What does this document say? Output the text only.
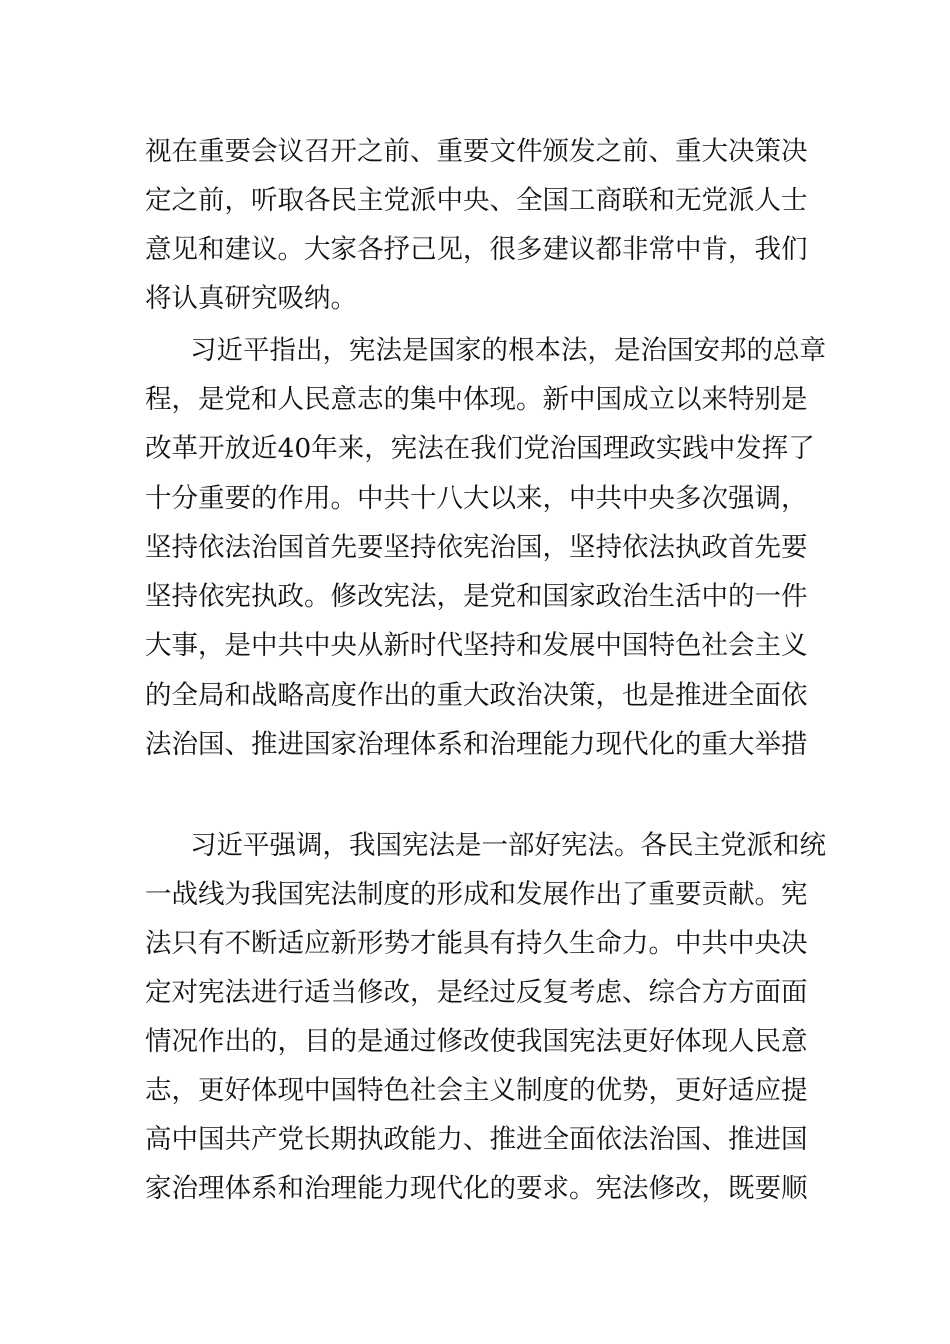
视在重要会议召开之前、重要文件颁发之前、重大决策决
定之前，听取各民主党派中央、全国工商联和无党派人士
意见和建议。大家各抒己见，很多建议都非常中肯，我们
将认真研究吸纳。
习近平指出，宪法是国家的根本法，是治国安邦的总章
程，是党和人民意志的集中体现。新中国成立以来特别是
改革开放近40年来，宪法在我们党治国理政实践中发挥了
十分重要的作用。中共十八大以来，中共中央多次强调，
坚持依法治国首先要坚持依宪治国，坚持依法执政首先要
坚持依宪执政。修改宪法，是党和国家政治生活中的一件
大事，是中共中央从新时代坚持和发展中国特色社会主义
的全局和战略高度作出的重大政治决策，也是推进全面依
法治国、推进国家治理体系和治理能力现代化的重大举措
习近平强调，我国宪法是一部好宪法。各民主党派和统
一战线为我国宪法制度的形成和发展作出了重要贡献。宪
法只有不断适应新形势才能具有持久生命力。中共中央决
定对宪法进行适当修改，是经过反复考虑、综合方方面面
情况作出的，目的是通过修改使我国宪法更好体现人民意
志，更好体现中国特色社会主义制度的优势，更好适应提
高中国共产党长期执政能力、推进全面依法治国、推进国
家治理体系和治理能力现代化的要求。宪法修改，既要顺
